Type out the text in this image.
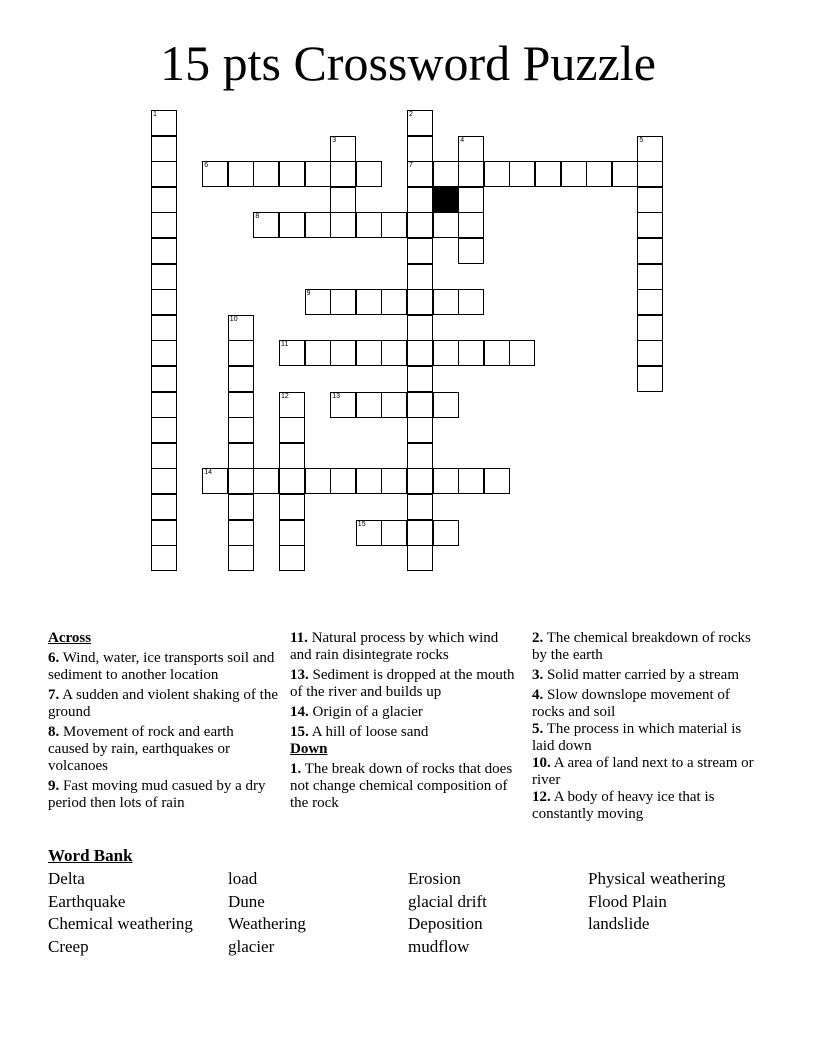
15 pts Crossword Puzzle
1	2
7
3	4	5
10
12
6
8
9
11
13
14
15

Across

6. Wind, water, ice transports soil and sediment to another location

7. A sudden and violent shaking of the ground

8. Movement of rock and earth caused by rain, earthquakes or volcanoes

9. Fast moving mud casued by a dry period then lots of rain

11. Natural process by which wind and rain disintegrate rocks

13. Sediment is dropped at the mouth of the river and builds up

14. Origin of a glacier

15. A hill of loose sand

Down

1. The break down of rocks that does not change chemical composition of the rock

2. The chemical breakdown of rocks by the earth

3. Solid matter carried by a stream

4. Slow downslope movement of rocks and soil

5. The process in which material is laid down

10. A area of land next to a stream or river

12. A body of heavy ice that is constantly moving

Word Bank

Delta
Earthquake
Chemical weathering
Creep
load
Dune
Weathering
glacier
Erosion
glacial drift
Deposition
mudflow
Physical weathering
Flood Plain
landslide
